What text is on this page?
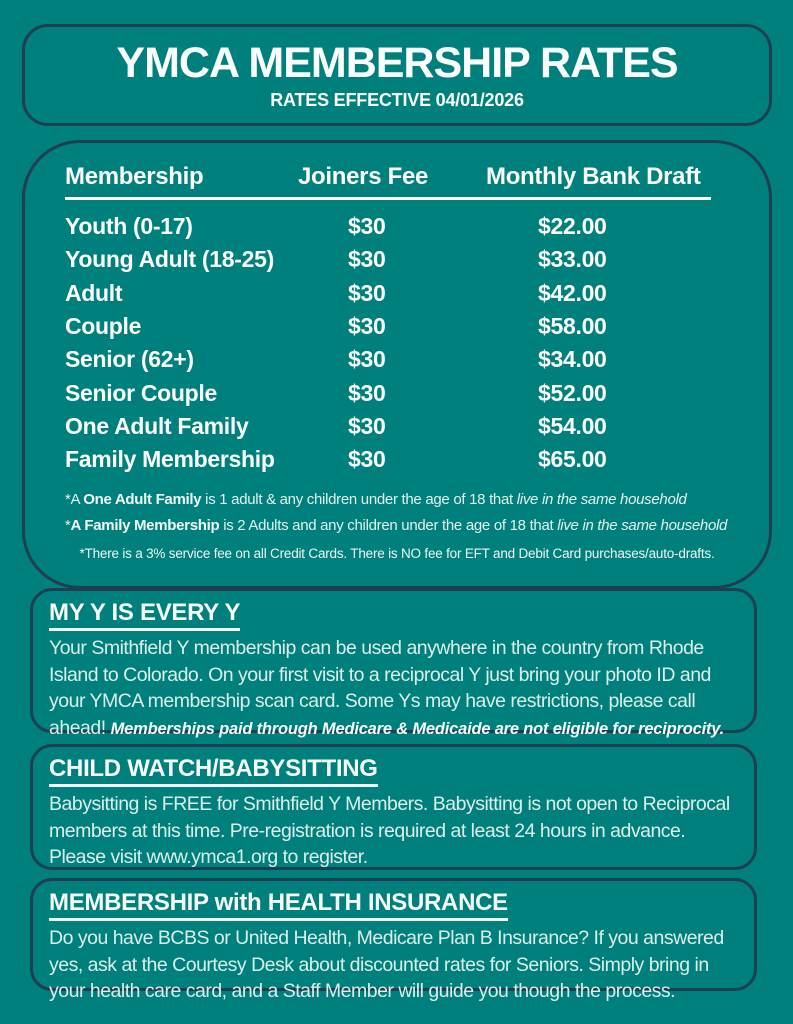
YMCA MEMBERSHIP RATES
RATES EFFECTIVE 04/01/2026
Membership	Joiners Fee	Monthly Bank Draft
Youth (0-17)	$30	$22.00
Young Adult (18-25)	$30	$33.00
Adult	$30	$42.00
Couple	$30	$58.00
Senior (62+)	$30	$34.00
Senior Couple	$30	$52.00
One Adult Family	$30	$54.00
Family Membership	$30	$65.00

*A One Adult Family is 1 adult & any children under the age of 18 that live in the same household

*A Family Membership is 2 Adults and any children under the age of 18 that live in the same household

*There is a 3% service fee on all Credit Cards. There is NO fee for EFT and Debit Card purchases/auto-drafts.

MY Y IS EVERY Y

Your Smithfield Y membership can be used anywhere in the country from Rhode Island to Colorado. On your first visit to a reciprocal Y just bring your photo ID and your YMCA membership scan card. Some Ys may have restrictions, please call ahead! Memberships paid through Medicare & Medicaide are not eligible for reciprocity.

CHILD WATCH/BABYSITTING

Babysitting is FREE for Smithfield Y Members. Babysitting is not open to Reciprocal members at this time. Pre-registration is required at least 24 hours in advance. Please visit www.ymca1.org to register.

MEMBERSHIP with HEALTH INSURANCE

Do you have BCBS or United Health, Medicare Plan B Insurance? If you answered yes, ask at the Courtesy Desk about discounted rates for Seniors. Simply bring in your health care card, and a Staff Member will guide you though the process.
